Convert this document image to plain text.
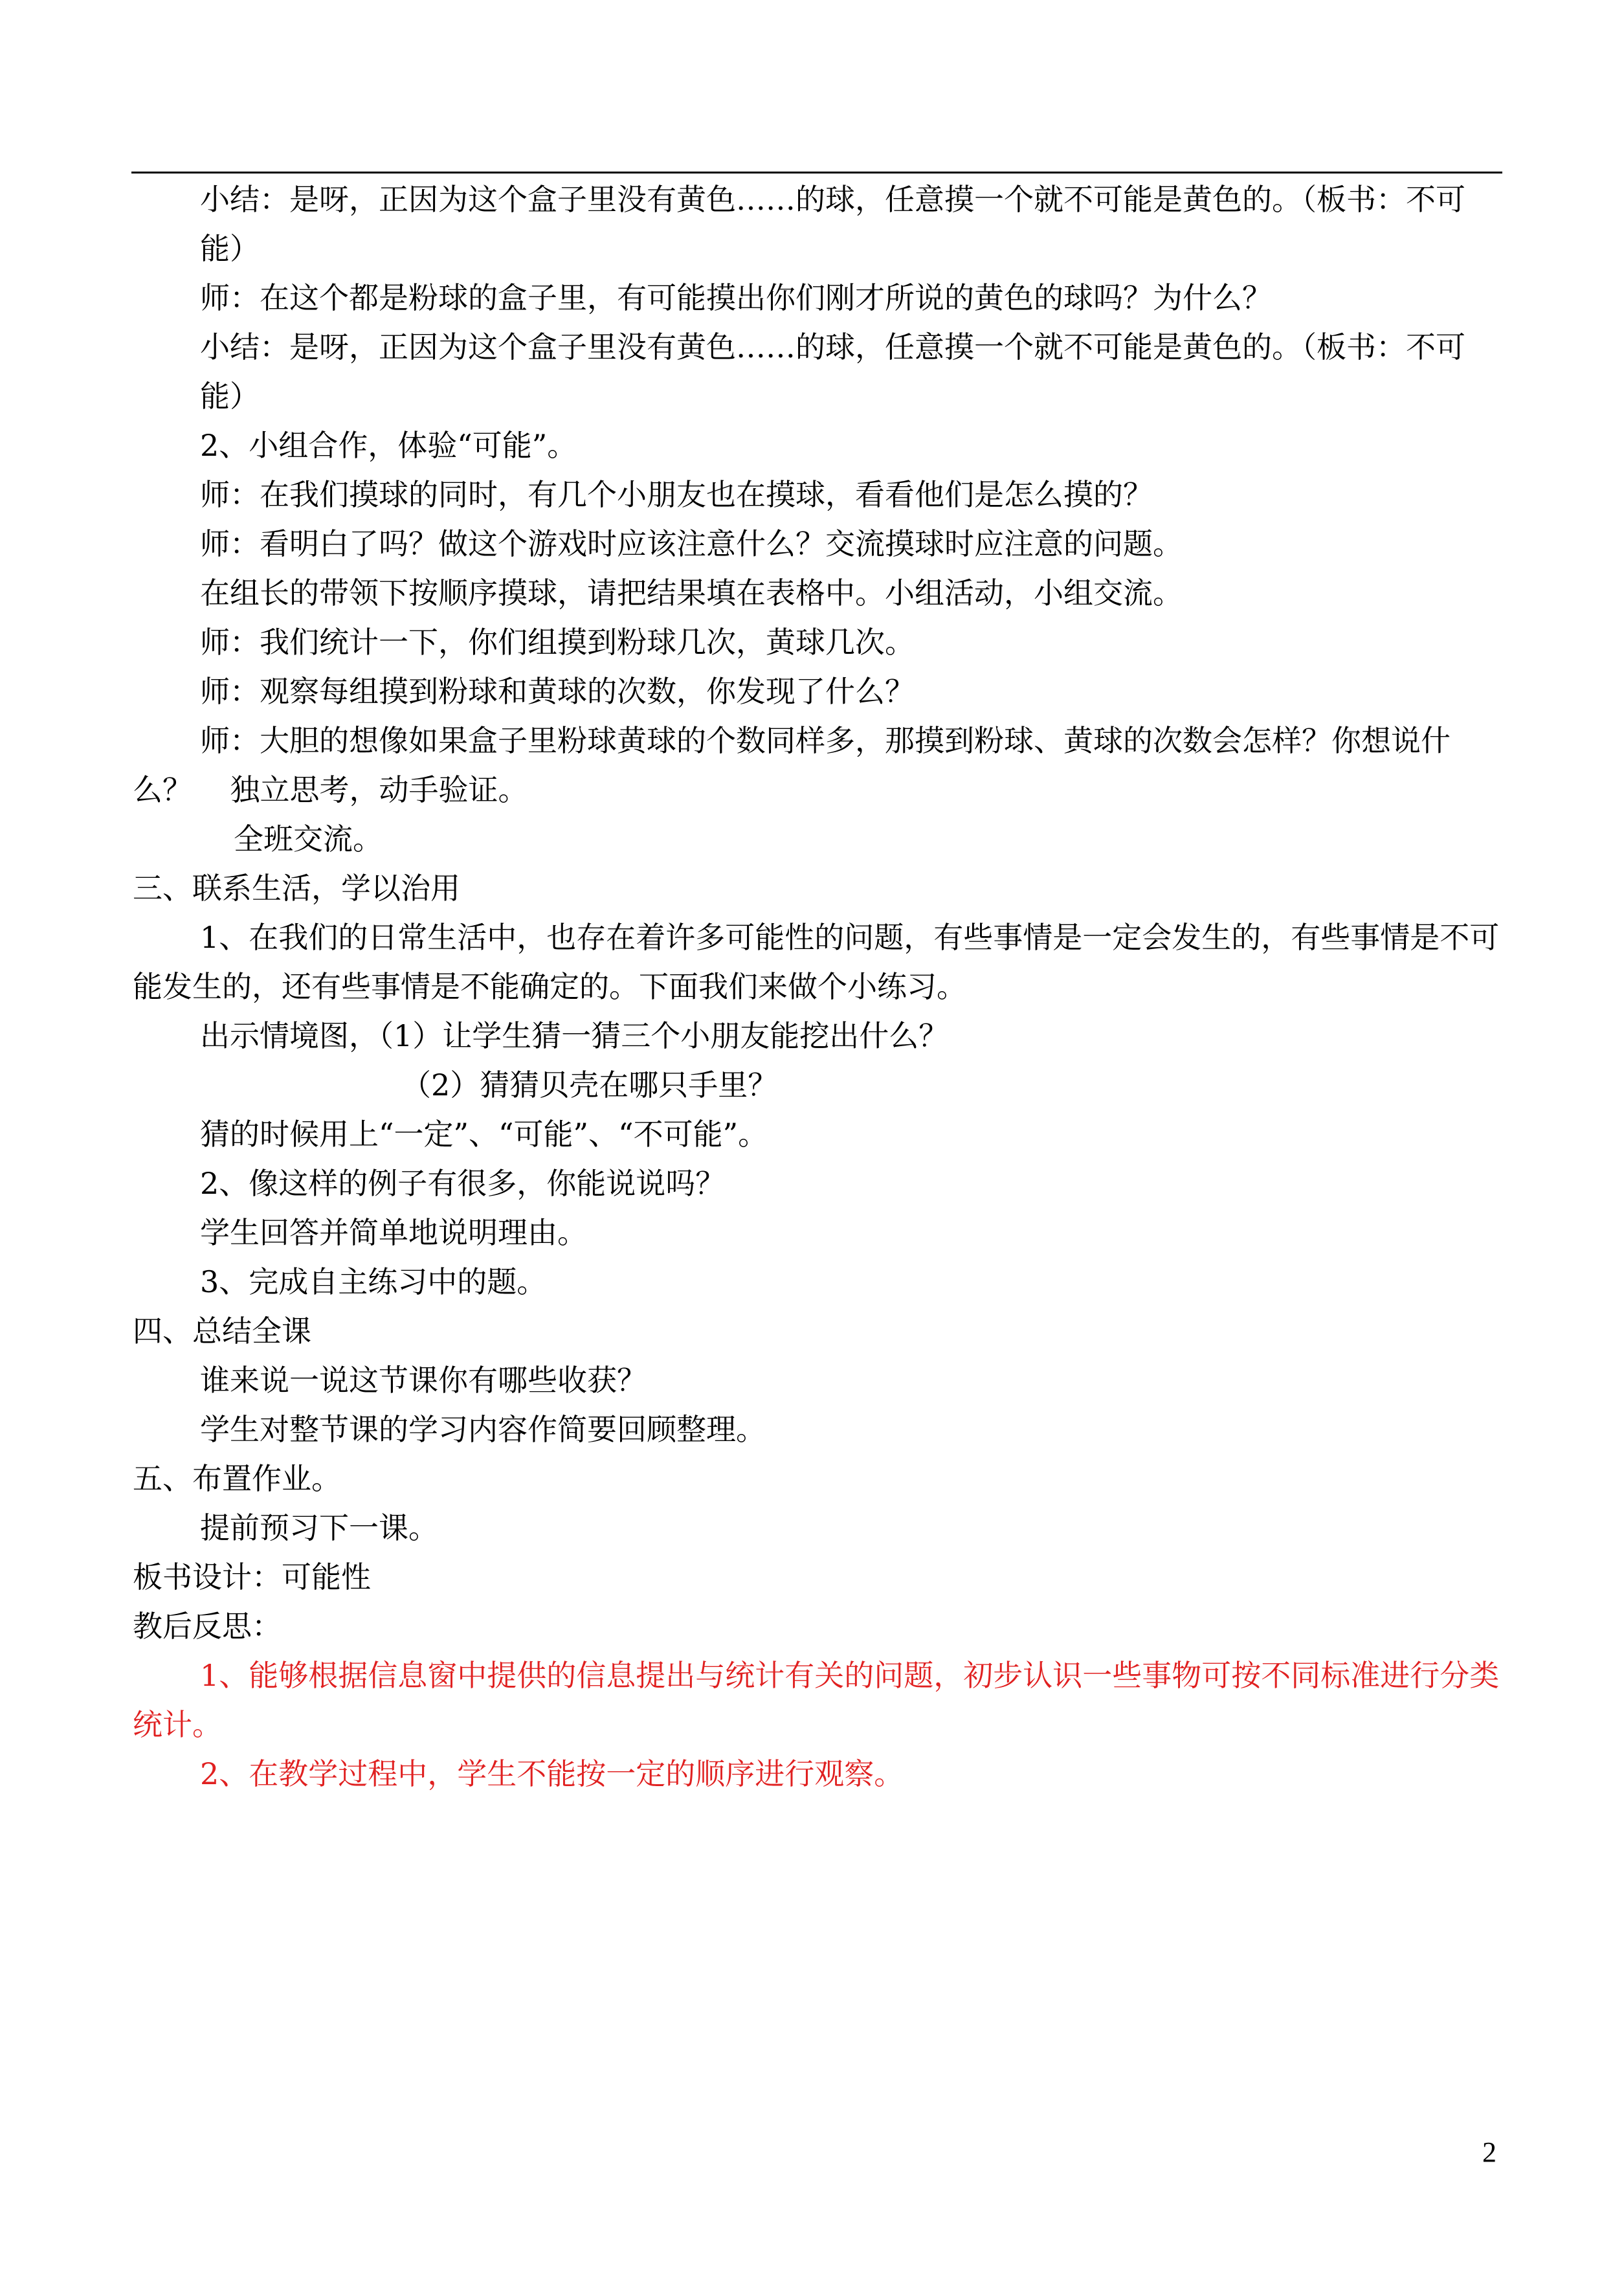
小结：是呀，正因为这个盒子里没有黄色……的球，任意摸一个就不可能是黄色的。（板书：不可能）

师：在这个都是粉球的盒子里，有可能摸出你们刚才所说的黄色的球吗？为什么？

小结：是呀，正因为这个盒子里没有黄色……的球，任意摸一个就不可能是黄色的。（板书：不可能）

2、小组合作，体验“可能”。

师：在我们摸球的同时，有几个小朋友也在摸球，看看他们是怎么摸的？

师：看明白了吗？做这个游戏时应该注意什么？交流摸球时应注意的问题。

在组长的带领下按顺序摸球，请把结果填在表格中。小组活动，小组交流。

师：我们统计一下，你们组摸到粉球几次，黄球几次。

师：观察每组摸到粉球和黄球的次数，你发现了什么？

师：大胆的想像如果盒子里粉球黄球的个数同样多，那摸到粉球、黄球的次数会怎样？你想说什么？    独立思考，动手验证。

全班交流。

三、联系生活，学以治用

1、在我们的日常生活中，也存在着许多可能性的问题，有些事情是一定会发生的，有些事情是不可能发生的，还有些事情是不能确定的。下面我们来做个小练习。

出示情境图，（1）让学生猜一猜三个小朋友能挖出什么？

（2）猜猜贝壳在哪只手里？

猜的时候用上“一定”、“可能”、“不可能”。

2、像这样的例子有很多，你能说说吗？

学生回答并简单地说明理由。

3、完成自主练习中的题。

四、总结全课

谁来说一说这节课你有哪些收获？

学生对整节课的学习内容作简要回顾整理。

五、布置作业。

提前预习下一课。

板书设计：可能性

教后反思：

1、能够根据信息窗中提供的信息提出与统计有关的问题，初步认识一些事物可按不同标准进行分类统计。

2、在教学过程中，学生不能按一定的顺序进行观察。

2
